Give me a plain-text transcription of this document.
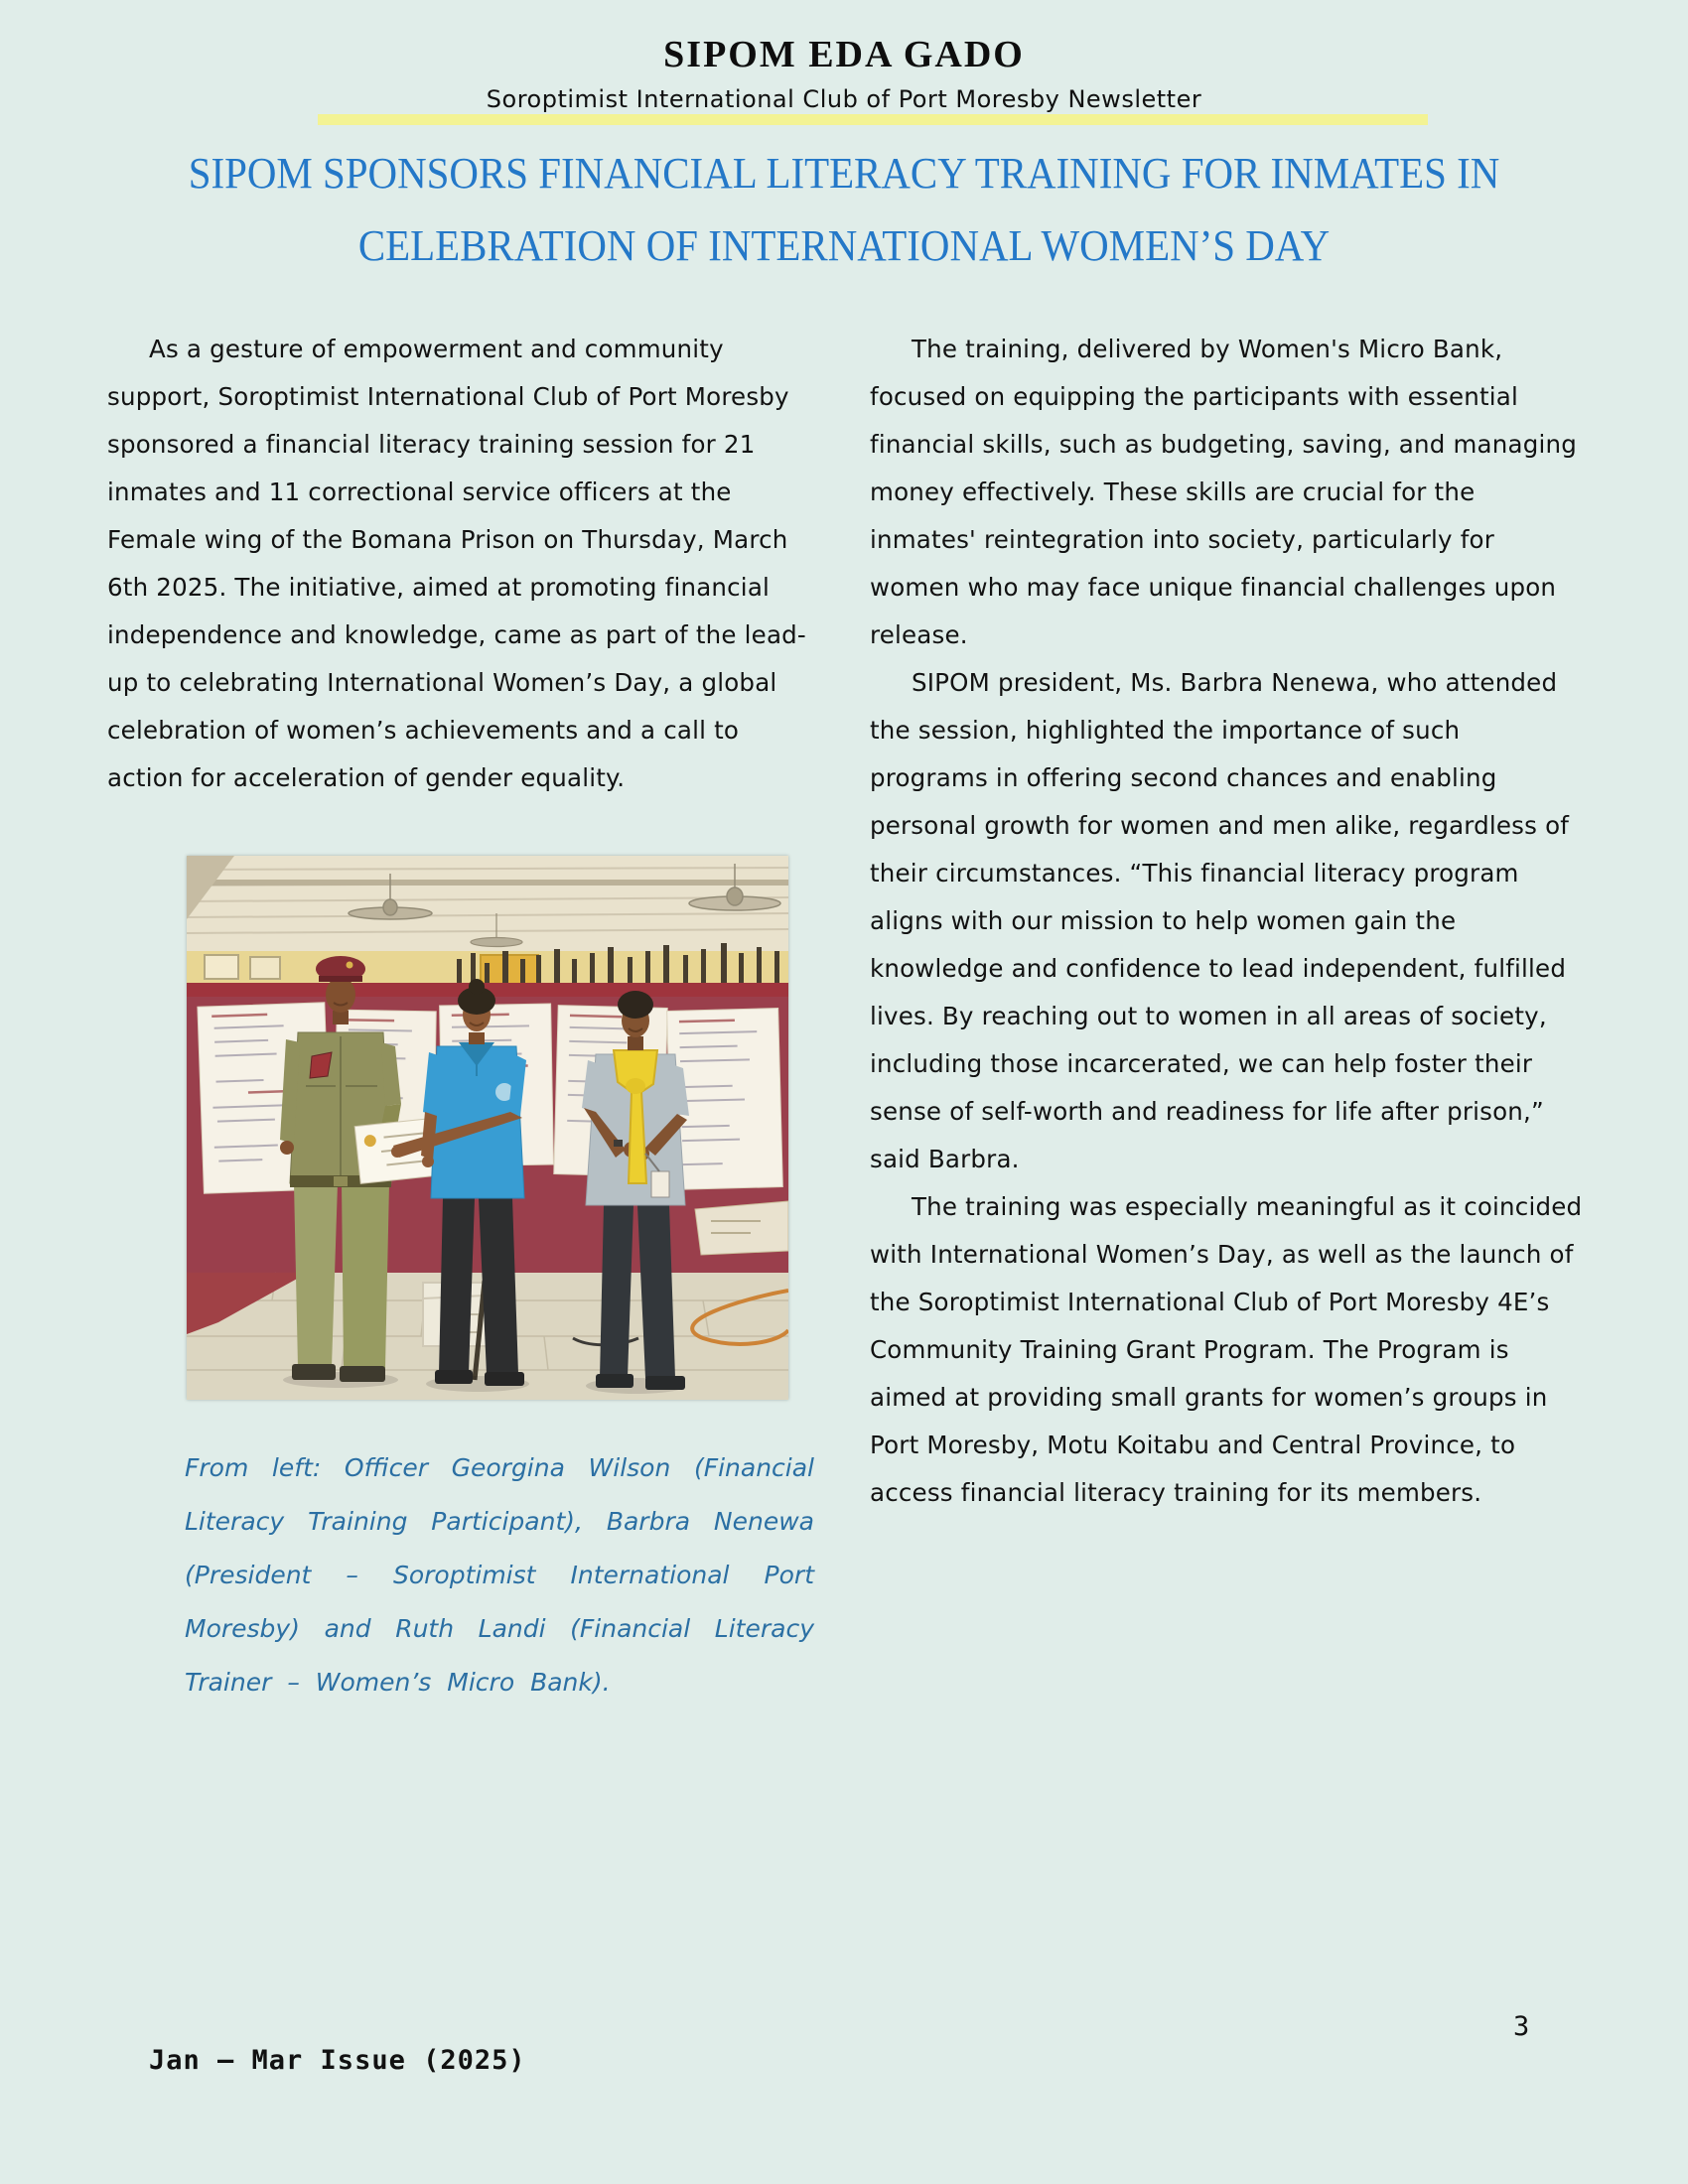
SIPOM EDA GADO
Soroptimist International Club of Port Moresby Newsletter
SIPOM SPONSORS FINANCIAL LITERACY TRAINING FOR INMATES IN
CELEBRATION OF INTERNATIONAL WOMEN’S DAY

As a gesture of empowerment and community support, Soroptimist International Club of Port Moresby sponsored a financial literacy training session for 21 inmates and 11 correctional service officers at the Female wing of the Bomana Prison on Thursday, March 6th 2025. The initiative, aimed at promoting financial independence and knowledge, came as part of the lead-up to celebrating International Women’s Day, a global celebration of women’s achievements and a call to action for acceleration of gender equality.

The training, delivered by Women's Micro Bank, focused on equipping the participants with essential financial skills, such as budgeting, saving, and managing money effectively. These skills are crucial for the inmates' reintegration into society, particularly for women who may face unique financial challenges upon release.

SIPOM president, Ms. Barbra Nenewa, who attended the session, highlighted the importance of such programs in offering second chances and enabling personal growth for women and men alike, regardless of their circumstances. “This financial literacy program aligns with our mission to help women gain the knowledge and confidence to lead independent, fulfilled lives. By reaching out to women in all areas of society, including those incarcerated, we can help foster their sense of self-worth and readiness for life after prison,” said Barbra.

The training was especially meaningful as it coincided with International Women’s Day, as well as the launch of the Soroptimist International Club of Port Moresby 4E’s Community Training Grant Program. The Program is aimed at providing small grants for women’s groups in Port Moresby, Motu Koitabu and Central Province, to access financial literacy training for its members.

From left: Officer Georgina Wilson (Financial Literacy Training Participant), Barbra Nenewa (President – Soroptimist International Port Moresby) and Ruth Landi (Financial Literacy Trainer – Women’s Micro Bank).
3
Jan – Mar Issue (2025)
